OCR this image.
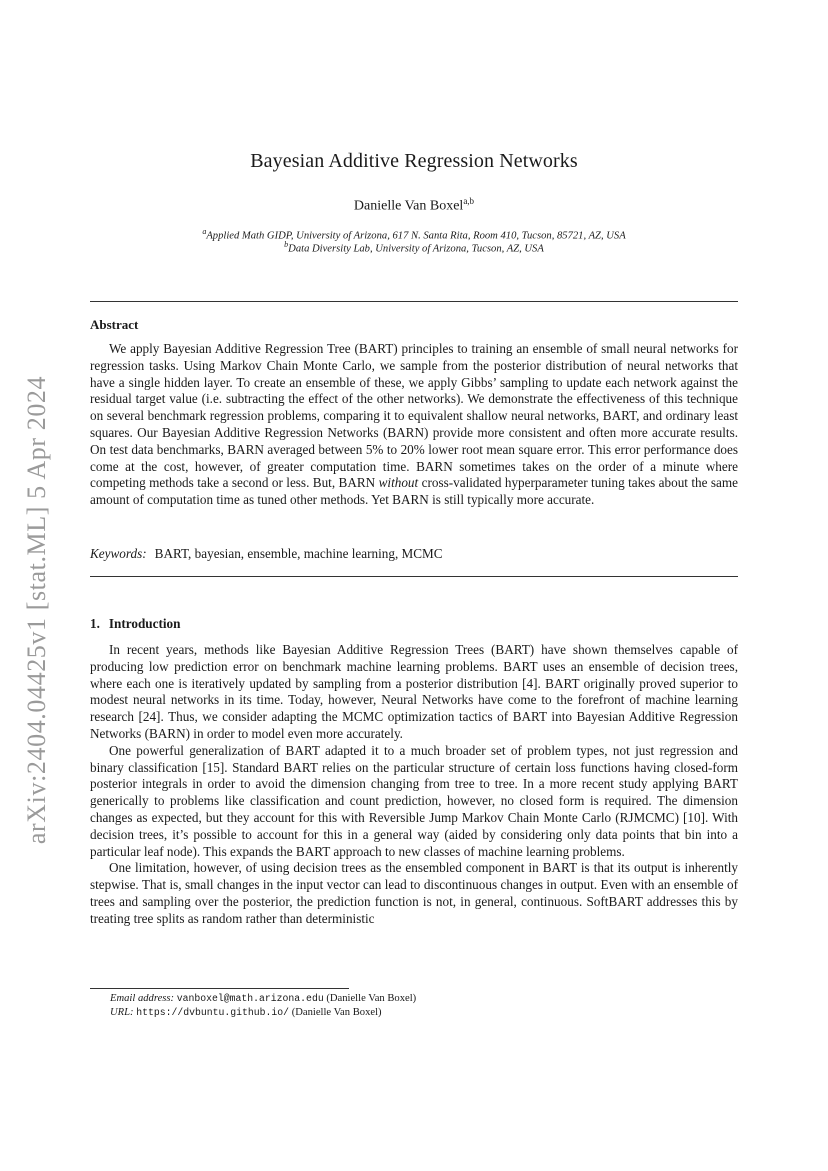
arXiv:2404.04425v1 [stat.ML] 5 Apr 2024
Bayesian Additive Regression Networks
Danielle Van Boxel$^{a,b}$
$^a$Applied Math GIDP, University of Arizona, 617 N. Santa Rita, Room 410, Tucson, 85721, AZ, USA
$^b$Data Diversity Lab, University of Arizona, Tucson, AZ, USA
Abstract

We apply Bayesian Additive Regression Tree (BART) principles to training an ensemble of small neural networks for regression tasks. Using Markov Chain Monte Carlo, we sample from the posterior distribution of neural networks that have a single hidden layer. To create an ensemble of these, we apply Gibbs’ sampling to update each network against the residual target value (i.e. subtracting the effect of the other networks). We demonstrate the effectiveness of this technique on several benchmark regression problems, comparing it to equivalent shallow neural networks, BART, and ordinary least squares. Our Bayesian Additive Regression Networks (BARN) provide more consistent and often more accurate results. On test data benchmarks, BARN averaged between 5% to 20% lower root mean square error. This error performance does come at the cost, however, of greater computation time. BARN sometimes takes on the order of a minute where competing methods take a second or less. But, BARN without cross-validated hyperparameter tuning takes about the same amount of computation time as tuned other methods. Yet BARN is still typically more accurate.

Keywords: BART, bayesian, ensemble, machine learning, MCMC
1. Introduction

In recent years, methods like Bayesian Additive Regression Trees (BART) have shown themselves capable of producing low prediction error on benchmark machine learning problems. BART uses an ensemble of decision trees, where each one is iteratively updated by sampling from a posterior distribution [4]. BART originally proved superior to modest neural networks in its time. Today, however, Neural Networks have come to the forefront of machine learning research [24]. Thus, we consider adapting the MCMC optimization tactics of BART into Bayesian Additive Regression Networks (BARN) in order to model even more accurately.

One powerful generalization of BART adapted it to a much broader set of problem types, not just regression and binary classification [15]. Standard BART relies on the particular structure of certain loss functions having closed-form posterior integrals in order to avoid the dimension changing from tree to tree. In a more recent study applying BART generically to problems like classification and count prediction, however, no closed form is required. The dimension changes as expected, but they account for this with Reversible Jump Markov Chain Monte Carlo (RJMCMC) [10]. With decision trees, it’s possible to account for this in a general way (aided by considering only data points that bin into a particular leaf node). This expands the BART approach to new classes of machine learning problems.

One limitation, however, of using decision trees as the ensembled component in BART is that its output is inherently stepwise. That is, small changes in the input vector can lead to discontinuous changes in output. Even with an ensemble of trees and sampling over the posterior, the prediction function is not, in general, continuous. SoftBART addresses this by treating tree splits as random rather than deterministic

Email address: vanboxel@math.arizona.edu (Danielle Van Boxel)
URL: https://dvbuntu.github.io/ (Danielle Van Boxel)
